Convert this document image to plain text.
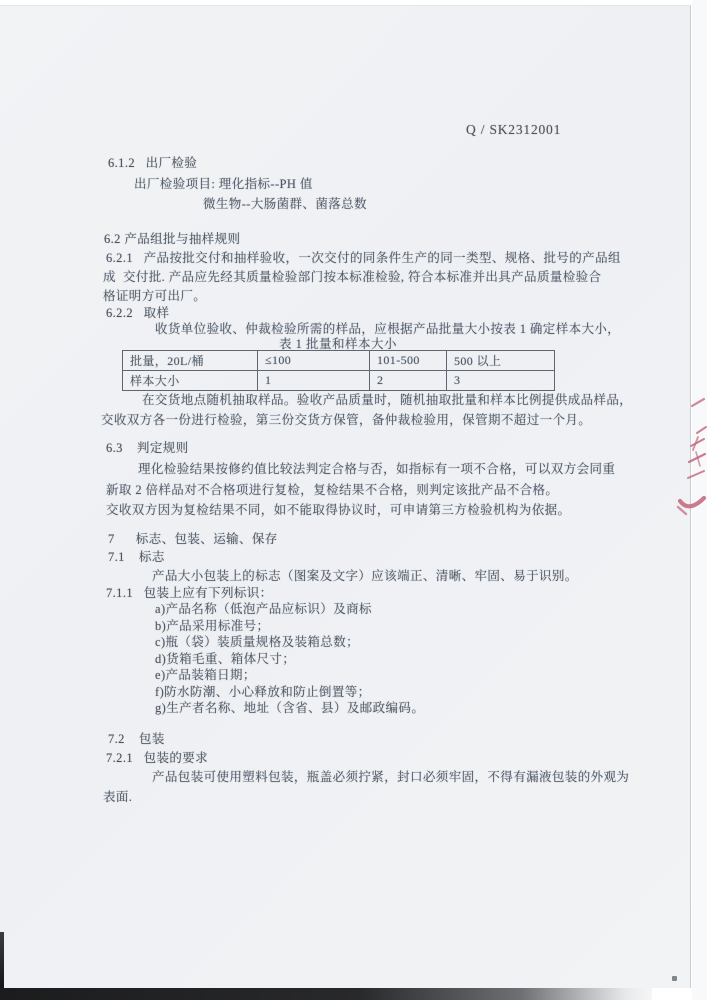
Q / SK2312001
6.1.2   出厂检验
出厂检验项目: 理化指标--PH 值
微生物--大肠菌群、菌落总数
6.2 产品组批与抽样规则
6.2.1   产品按批交付和抽样验收，一次交付的同条件生产的同一类型、规格、批号的产品组
成  交付批. 产品应先经其质量检验部门按本标准检验, 符合本标准并出具产品质量检验合
格证明方可出厂。
6.2.2   取样
收货单位验收、仲裁检验所需的样品，应根据产品批量大小按表 1 确定样本大小，
表 1 批量和样本大小
批量，20L/桶	≤100	101-500	500 以上
样本大小	1	2	3
在交货地点随机抽取样品。验收产品质量时，随机抽取批量和样本比例提供成品样品，
交收双方各一份进行检验，第三份交货方保管，备仲裁检验用，保管期不超过一个月。
6.3    判定规则
理化检验结果按修约值比较法判定合格与否，如指标有一项不合格，可以双方会同重
新取 2 倍样品对不合格项进行复检，复检结果不合格，则判定该批产品不合格。
交收双方因为复检结果不同，如不能取得协议时，可申请第三方检验机构为依据。
7      标志、包装、运输、保存
7.1    标志
产品大小包装上的标志（图案及文字）应该端正、清晰、牢固、易于识别。
7.1.1   包装上应有下列标识：
a)产品名称（低泡产品应标识）及商标
b)产品采用标准号；
c)瓶（袋）装质量规格及装箱总数；
d)货箱毛重、箱体尺寸；
e)产品装箱日期；
f)防水防潮、小心释放和防止倒置等；
g)生产者名称、地址（含省、县）及邮政编码。
7.2    包装
7.2.1   包装的要求
产品包装可使用塑料包装，瓶盖必须拧紧，封口必须牢固，不得有漏液包装的外观为
表面.
